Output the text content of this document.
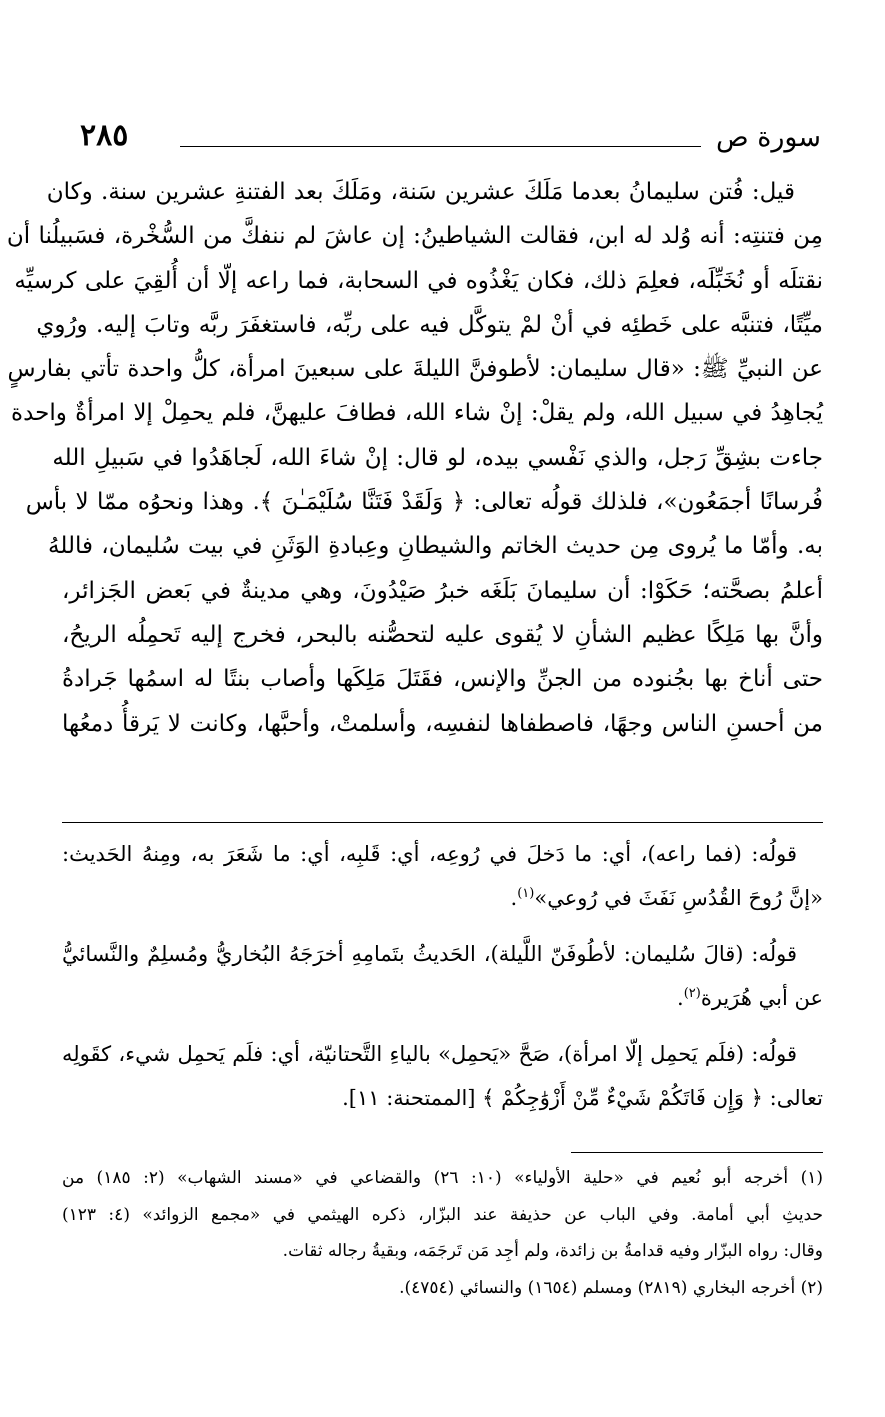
سورة ص
٢٨٥
قيل: فُتن سليمانُ بعدما مَلَكَ عشرين سَنة، ومَلَكَ بعد الفتنةِ عشرين سنة. وكان
مِن فتنتِه: أنه وُلد له ابن، فقالت الشياطينُ: إن عاشَ لم ننفكَّ من السُّخْرة، فسَبيلُنا أن
نقتلَه أو نُخَبِّلَه، فعلِمَ ذلك، فكان يَغْذُوه في السحابة، فما راعه إلّا أن أُلقِيَ على كرسيِّه
ميِّتًا، فتنبَّه على خَطئِه في أنْ لمْ يتوكَّل فيه على ربِّه، فاستغفَرَ ربَّه وتابَ إليه. ورُوي
عن النبيِّ ﷺ: «قال سليمان: لأطوفنَّ الليلةَ على سبعينَ امرأة، كلُّ واحدة تأتي بفارسٍ
يُجاهِدُ في سبيل الله، ولم يقلْ: إنْ شاء الله، فطافَ عليهنَّ، فلم يحمِلْ إلا امرأةٌ واحدة
جاءت بشِقِّ رَجل، والذي نَفْسي بيده، لو قال: إنْ شاءَ الله، لَجاهَدُوا في سَبيلِ الله
فُرسانًا أجمَعُون»، فلذلك قولُه تعالى: ﴿ وَلَقَدْ فَتَنَّا سُلَيْمَـٰنَ ﴾. وهذا ونحوُه ممّا لا بأس
به. وأمّا ما يُروى مِن حديث الخاتم والشيطانِ وعِبادةِ الوَثَنِ في بيت سُليمان، فاللهُ
أعلمُ بصحَّته؛ حَكَوْا: أن سليمانَ بَلَغَه خبرُ صَيْدُونَ، وهي مدينةٌ في بَعض الجَزائر،
وأنَّ بها مَلِكًا عظيم الشأنِ لا يُقوى عليه لتحصُّنه بالبحر، فخرج إليه تَحمِلُه الريحُ،
حتى أناخ بها بجُنوده من الجنِّ والإنس، فقَتَلَ مَلِكَها وأصاب بنتًا له اسمُها جَرادةُ
من أحسنِ الناس وجهًا، فاصطفاها لنفسِه، وأسلمتْ، وأحبَّها، وكانت لا يَرقأُ دمعُها
قولُه: (فما راعه)، أي: ما دَخلَ في رُوعِه، أي: قَلبِه، أي: ما شَعَرَ به، ومِنهُ الحَديث:
«إنَّ رُوحَ القُدُسِ نَفَثَ في رُوعي»$^{(١)}$.
قولُه: (قالَ سُليمان: لأطُوفَنّ اللَّيلة)، الحَديثُ بتَمامِهِ أخرَجَهُ البُخاريُّ ومُسلِمٌ والنَّسائيُّ
عن أبي هُرَيرة$^{(٢)}$.
قولُه: (فلَم يَحمِل إلّا امرأة)، صَحَّ «يَحمِل» بالياءِ التَّحتانيّة، أي: فلَم يَحمِل شيء، كقَولِه
تعالى: ﴿ وَإِن فَاتَكُمْ شَيْءٌ مِّنْ أَزْوَٰجِكُمْ ﴾ [الممتحنة: ١١].
(١) أخرجه أبو نُعيم في «حلية الأولياء» (١٠: ٢٦) والقضاعي في «مسند الشهاب» (٢: ١٨٥) من
حديثِ أبي أمامة. وفي الباب عن حذيفة عند البزّار، ذكره الهيثمي في «مجمع الزوائد» (٤: ١٢٣)
وقال: رواه البزّار وفيه قدامةُ بن زائدة، ولم أجِد مَن تَرجَمَه، وبقيةُ رجاله ثقات.
(٢) أخرجه البخاري (٢٨١٩) ومسلم (١٦٥٤) والنسائي (٤٧٥٤).
